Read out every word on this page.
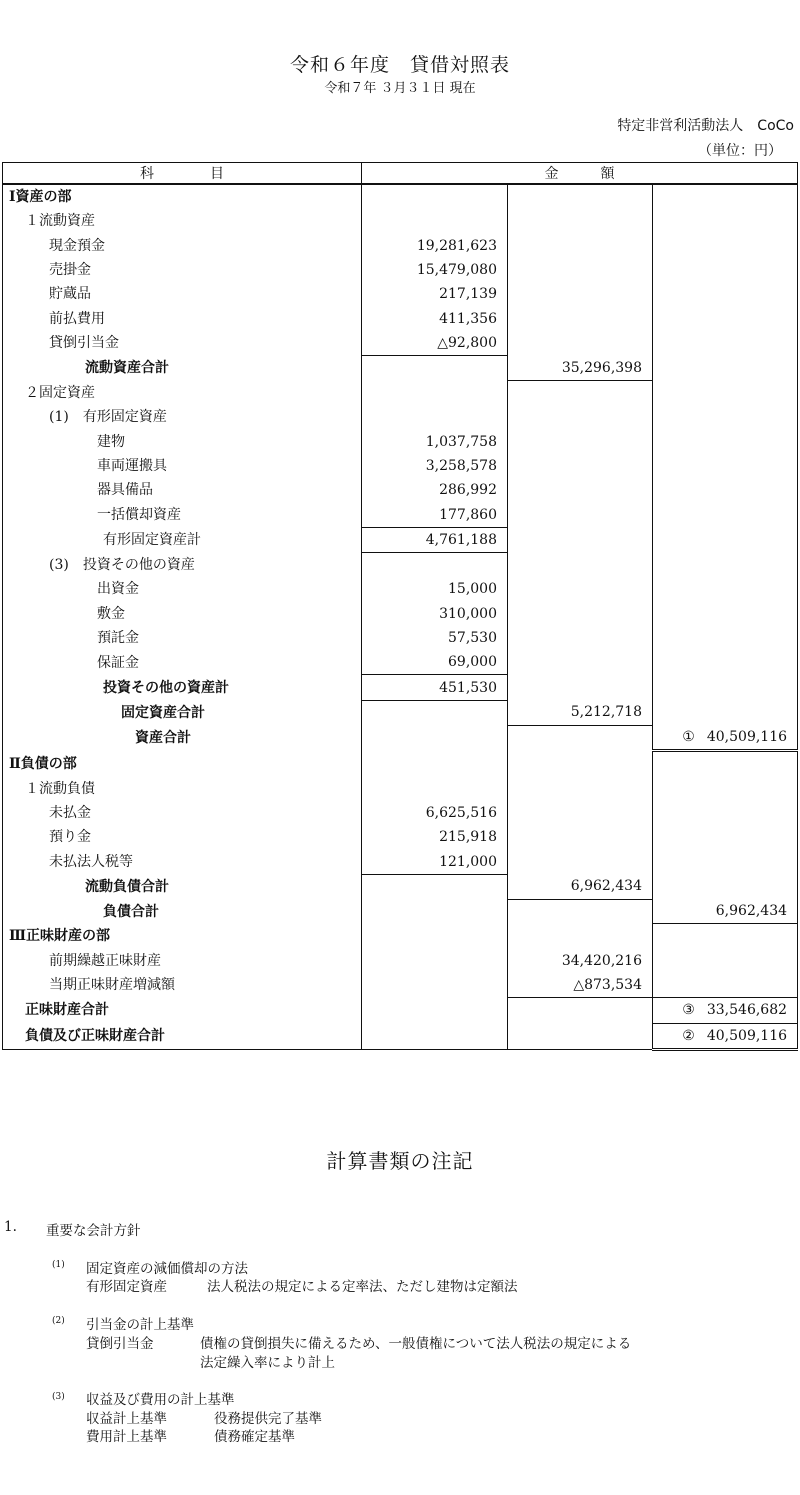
令和６年度　貸借対照表
令和７年 ３月３１日 現在
特定非営利活動法人　CoCo
（単位：円）
科　　　　目	金　　　額		
Ⅰ資産の部			
１流動資産			
現金預金	19,281,623		
売掛金	15,479,080		
貯蔵品	217,139		
前払費用	411,356		
貸倒引当金	△92,800		
流動資産合計		35,296,398	
２固定資産			
(1)　有形固定資産			
建物	1,037,758		
車両運搬具	3,258,578		
器具備品	286,992		
一括償却資産	177,860		
有形固定資産計	4,761,188		
(3)　投資その他の資産			
出資金	15,000		
敷金	310,000		
預託金	57,530		
保証金	69,000		
投資その他の資産計	451,530		
固定資産合計		5,212,718	
資産合計			① 40,509,116
Ⅱ負債の部			
１流動負債			
未払金	6,625,516		
預り金	215,918		
未払法人税等	121,000		
流動負債合計		6,962,434	
負債合計			6,962,434
Ⅲ正味財産の部			
前期繰越正味財産		34,420,216	
当期正味財産増減額		△873,534	
正味財産合計			③ 33,546,682
負債及び正味財産合計			② 40,509,116
計算書類の注記
1. 重要な会計方針
(1) 固定資産の減価償却の方法
有形固定資産	法人税法の規定による定率法、ただし建物は定額法
(2) 引当金の計上基準
貸倒引当金	債権の貸倒損失に備えるため、一般債権について法人税法の規定による
法定繰入率により計上
(3) 収益及び費用の計上基準
収益計上基準	役務提供完了基準
費用計上基準	債務確定基準
